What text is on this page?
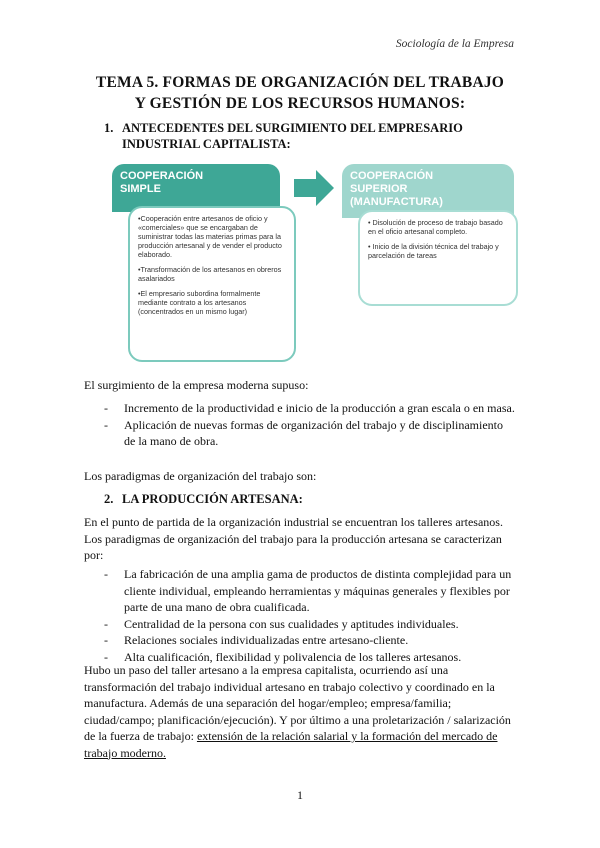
Sociología de la Empresa
TEMA 5. FORMAS DE ORGANIZACIÓN DEL TRABAJO
Y GESTIÓN DE LOS RECURSOS HUMANOS:
1. ANTECEDENTES DEL SURGIMIENTO DEL EMPRESARIO
INDUSTRIAL CAPITALISTA:
COOPERACIÓN
SIMPLE
COOPERACIÓN
SUPERIOR
(MANUFACTURA)

•Cooperación entre artesanos de oficio y «comerciales» que se encargaban de suministrar todas las materias primas para la producción artesanal y de vender el producto elaborado.

•Transformación de los artesanos en obreros asalariados

•El empresario subordina formalmente mediante contrato a los artesanos (concentrados en un mismo lugar)

• Disolución de proceso de trabajo basado en el oficio artesanal completo.

• Inicio de la división técnica del trabajo y parcelación de tareas

El surgimiento de la empresa moderna supuso:
- Incremento de la productividad e inicio de la producción a gran escala o en masa.
- Aplicación de nuevas formas de organización del trabajo y de disciplinamiento de la mano de obra.
Los paradigmas de organización del trabajo son:
2. LA PRODUCCIÓN ARTESANA:
En el punto de partida de la organización industrial se encuentran los talleres artesanos. Los paradigmas de organización del trabajo para la producción artesana se caracterizan por:
- La fabricación de una amplia gama de productos de distinta complejidad para un cliente individual, empleando herramientas y máquinas generales y flexibles por parte de una mano de obra cualificada.
- Centralidad de la persona con sus cualidades y aptitudes individuales.
- Relaciones sociales individualizadas entre artesano-cliente.
- Alta cualificación, flexibilidad y polivalencia de los talleres artesanos.
Hubo un paso del taller artesano a la empresa capitalista, ocurriendo así una transformación del trabajo individual artesano en trabajo colectivo y coordinado en la manufactura. Además de una separación del hogar/empleo; empresa/familia; ciudad/campo; planificación/ejecución). Y por último a una proletarización / salarización de la fuerza de trabajo: extensión de la relación salarial y la formación del mercado de trabajo moderno.
1
